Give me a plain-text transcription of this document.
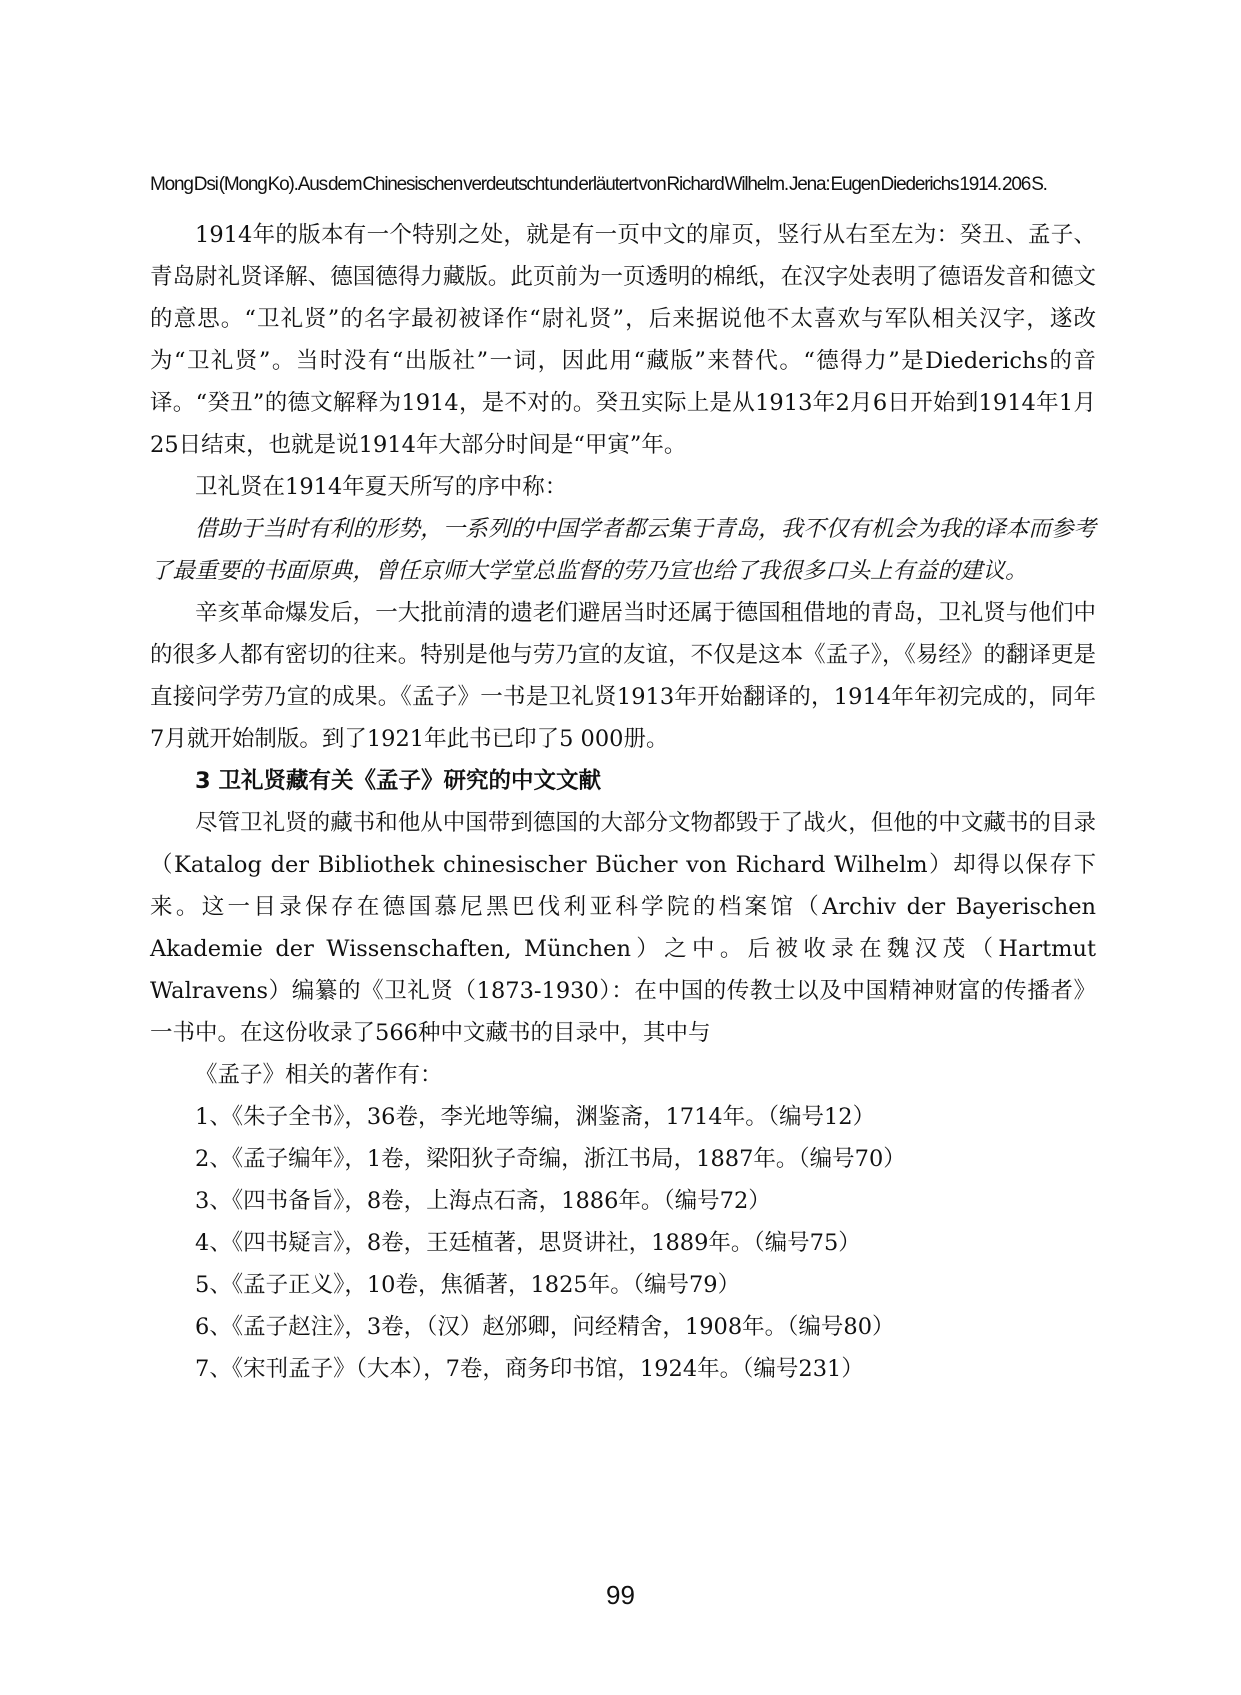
Mong Dsi (Mong Ko). Aus dem Chinesischen verdeutscht und erläutert von Richard Wilhelm. Jena: Eugen Diederichs 1914. 206 S.

1914年的版本有一个特别之处，就是有一页中文的扉页，竖行从右至左为：癸丑、孟子、青岛尉礼贤译解、德国德得力藏版。此页前为一页透明的棉纸，在汉字处表明了德语发音和德文的意思。“卫礼贤”的名字最初被译作“尉礼贤”，后来据说他不太喜欢与军队相关汉字，遂改为“卫礼贤”。当时没有“出版社”一词，因此用“藏版”来替代。“德得力”是Diederichs的音译。“癸丑”的德文解释为1914，是不对的。癸丑实际上是从1913年2月6日开始到1914年1月25日结束，也就是说1914年大部分时间是“甲寅”年。

卫礼贤在1914年夏天所写的序中称：

借助于当时有利的形势，一系列的中国学者都云集于青岛，我不仅有机会为我的译本而参考了最重要的书面原典，曾任京师大学堂总监督的劳乃宣也给了我很多口头上有益的建议。

辛亥革命爆发后，一大批前清的遗老们避居当时还属于德国租借地的青岛，卫礼贤与他们中的很多人都有密切的往来。特别是他与劳乃宣的友谊，不仅是这本《孟子》，《易经》的翻译更是直接问学劳乃宣的成果。《孟子》一书是卫礼贤1913年开始翻译的，1914年年初完成的，同年7月就开始制版。到了1921年此书已印了5 000册。

3 卫礼贤藏有关《孟子》研究的中文文献

尽管卫礼贤的藏书和他从中国带到德国的大部分文物都毁于了战火，但他的中文藏书的目录（Katalog der Bibliothek chinesischer Bücher von Richard Wilhelm）却得以保存下来。这一目录保存在德国慕尼黑巴伐利亚科学院的档案馆（Archiv der Bayerischen Akademie der Wissenschaften, München）之中。后被收录在魏汉茂（Hartmut Walravens）编纂的《卫礼贤（1873-1930）：在中国的传教士以及中国精神财富的传播者》一书中。在这份收录了566种中文藏书的目录中，其中与

《孟子》相关的著作有：

1、《朱子全书》，36卷，李光地等编，渊鉴斋，1714年。（编号12）
2、《孟子编年》，1卷，梁阳狄子奇编，浙江书局，1887年。（编号70）
3、《四书备旨》，8卷，上海点石斋，1886年。（编号72）
4、《四书疑言》，8卷，王廷植著，思贤讲社，1889年。（编号75）
5、《孟子正义》，10卷，焦循著，1825年。（编号79）
6、《孟子赵注》，3卷，（汉）赵邠卿，问经精舍，1908年。（编号80）
7、《宋刊孟子》（大本），7卷，商务印书馆，1924年。（编号231）
99
